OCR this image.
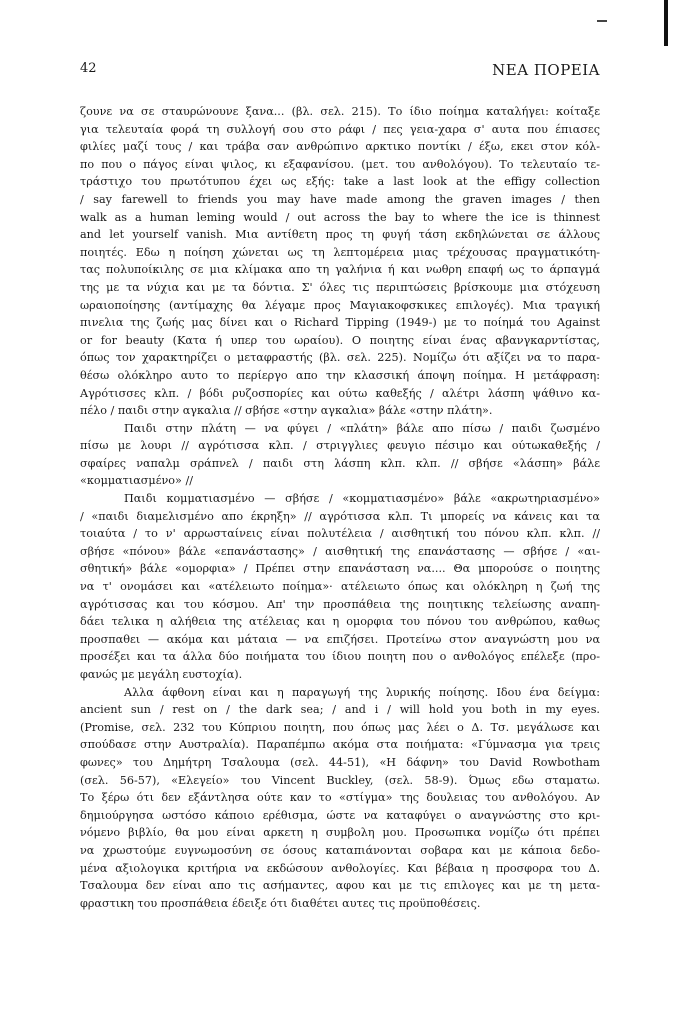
42	ΝΕΑ ΠΟΡΕΙΑ
ζουνε να σε σταυρώνουνε ξανα... (βλ. σελ. 215). Το ίδιο ποίημα καταλήγει: κοίταξε
για τελευταία φορά τη συλλογή σου στο ράφι / πες γεια-χαρα σ' αυτα που έπιασες
φιλίες μαζί τους / και τράβα σαν ανθρώπινο αρκτικο ποντίκι / έξω, εκει στον κόλ-
πο που ο πάγος είναι ψιλος, κι εξαφανίσου. (μετ. του ανθολόγου). Το τελευταίο τε-
τράστιχο του πρωτότυπου έχει ως εξής: take a last look at the effigy collection
/ say farewell to friends you may have made among the graven images / then
walk as a human leming would / out across the bay to where the ice is thinnest
and let yourself vanish. Μια αντίθετη προς τη φυγή τάση εκδηλώνεται σε άλλους
ποιητές. Εδω η ποίηση χώνεται ως τη λεπτομέρεια μιας τρέχουσας πραγματικότη-
τας πολυποίκιλης σε μια κλίμακα απο τη γαλήνια ή και νωθρη επαφή ως το άρπαγμά
της με τα νύχια και με τα δόντια. Σ' όλες τις περιπτώσεις βρίσκουμε μια στόχευση
ωραιοποίησης (αντίμαχης θα λέγαμε προς Μαγιακοφσκικες επιλογές). Μια τραγική
πινελια της ζωής μας δίνει και ο Richard Tipping (1949-) με το ποίημά του Against
or for beauty (Κατα ή υπερ του ωραίου). Ο ποιητης είναι ένας αβανγκαρντίστας,
όπως τον χαρακτηρίζει ο μεταφραστής (βλ. σελ. 225). Νομίζω ότι αξίζει να το παρα-
θέσω ολόκληρο αυτο το περίεργο απο την κλασσική άποψη ποίημα. Η μετάφραση:
Αγρότισσες κλπ. / βόδι ρυζοσπορίες και ούτω καθεξής / αλέτρι λάσπη ψάθινο κα-
πέλο / παιδι στην αγκαλια // σβήσε «στην αγκαλια» βάλε «στην πλάτη».
Παιδι στην πλάτη — να φύγει / «πλάτη» βάλε απο πίσω / παιδι ζωσμένο
πίσω με λουρι // αγρότισσα κλπ. / στριγγλιες φευγιο πέσιμο και ούτωκαθεξής /
σφαίρες ναπαλμ σράπνελ / παιδι στη λάσπη κλπ. κλπ. // σβήσε «λάσπη» βάλε
«κομματιασμένο» //
Παιδι κομματιασμένο — σβήσε / «κομματιασμένο» βάλε «ακρωτηριασμένο»
/ «παιδι διαμελισμένο απο έκρηξη» // αγρότισσα κλπ. Τι μπορείς να κάνεις και τα
τοιαύτα / το ν' αρρωσταίνεις είναι πολυτέλεια / αισθητική του πόνου κλπ. κλπ. //
σβήσε «πόνου» βάλε «επανάστασης» / αισθητική της επανάστασης — σβήσε / «αι-
σθητική» βάλε «ομορφια» / Πρέπει στην επανάσταση να.... Θα μπορούσε ο ποιητης
να τ' ονομάσει και «ατέλειωτο ποίημα»· ατέλειωτο όπως και ολόκληρη η ζωή της
αγρότισσας και του κόσμου. Απ' την προσπάθεια της ποιητικης τελείωσης αναπη-
δάει τελικα η αλήθεια της ατέλειας και η ομορφια του πόνου του ανθρώπου, καθως
προσπαθει — ακόμα και μάταια — να επιζήσει. Προτείνω στον αναγνώστη μου να
προσέξει και τα άλλα δύο ποιήματα του ίδιου ποιητη που ο ανθολόγος επέλεξε (προ-
φανώς με μεγάλη ευστοχία).
Αλλα άφθονη είναι και η παραγωγή της λυρικής ποίησης. Ιδου ένα δείγμα:
ancient sun / rest on / the dark sea; / and i / will hold you both in my eyes.
(Promise, σελ. 232 του Κύπριου ποιητη, που όπως μας λέει ο Δ. Τσ. μεγάλωσε και
σπούδασε στην Αυστραλία). Παραπέμπω ακόμα στα ποιήματα: «Γύμνασμα για τρεις
φωνες» του Δημήτρη Τσαλουμα (σελ. 44-51), «Η δάφνη» του David Rowbotham
(σελ. 56-57), «Ελεγείο» του Vincent Buckley, (σελ. 58-9). Όμως εδω σταματω.
Το ξέρω ότι δεν εξάντλησα ούτε καν το «στίγμα» της δουλειας του ανθολόγου. Αν
δημιούργησα ωστόσο κάποιο ερέθισμα, ώστε να καταφύγει ο αναγνώστης στο κρι-
νόμενο βιβλίο, θα μου είναι αρκετη η συμβολη μου. Προσωπικα νομίζω ότι πρέπει
να χρωστούμε ευγνωμοσύνη σε όσους καταπιάνονται σοβαρα και με κάποια δεδο-
μένα αξιολογικα κριτήρια να εκδώσουν ανθολογίες. Και βέβαια η προσφορα του Δ.
Τσαλουμα δεν είναι απο τις ασήμαντες, αφου και με τις επιλογες και με τη μετα-
φραστικη του προσπάθεια έδειξε ότι διαθέτει αυτες τις προϋποθέσεις.
